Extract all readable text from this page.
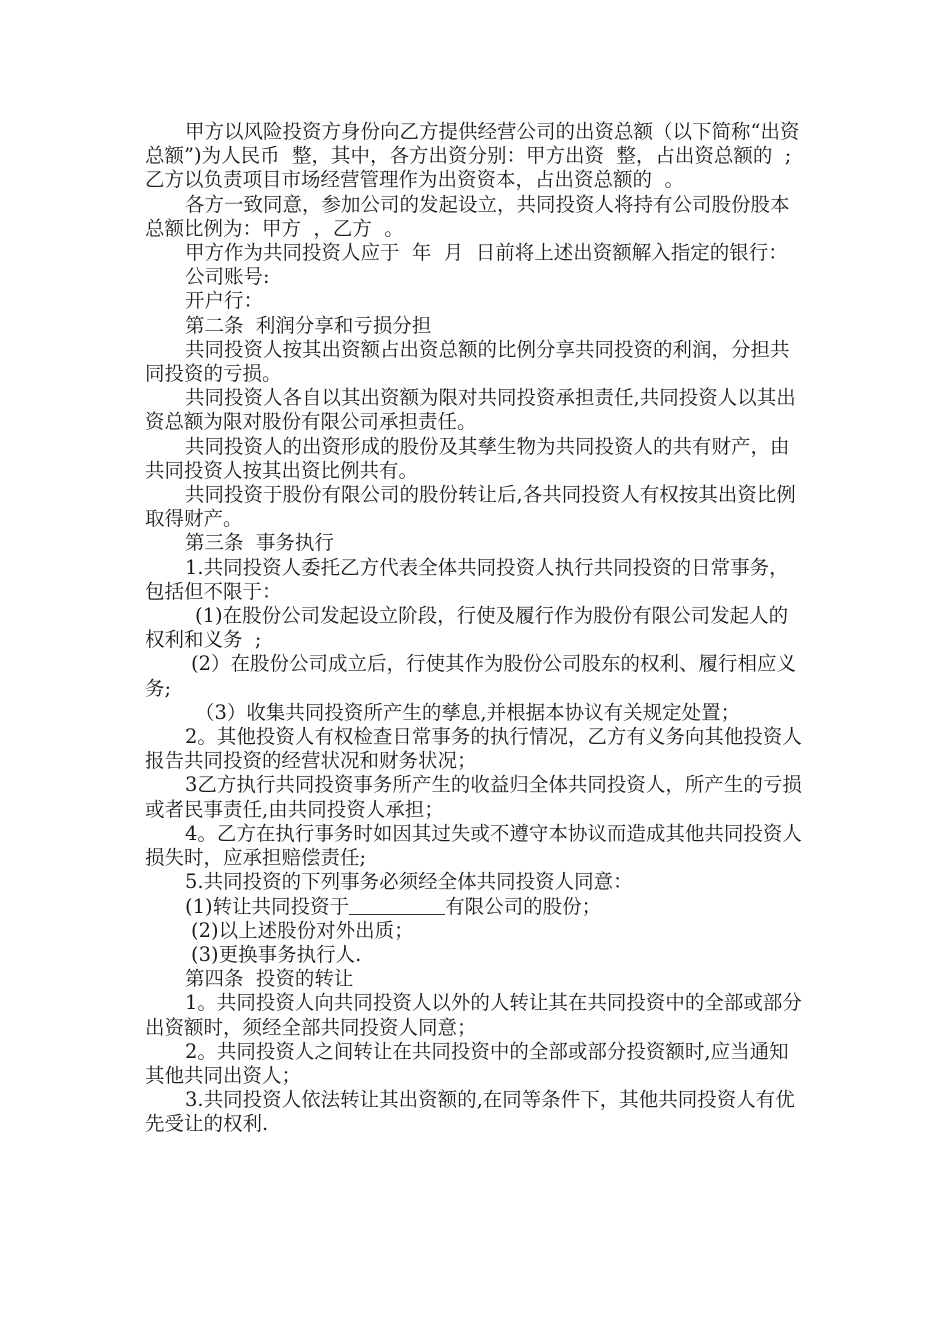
甲方以风险投资方身份向乙方提供经营公司的出资总额（以下简称“出资总额”)为人民币  整，其中，各方出资分别：甲方出资  整，占出资总额的  ;乙方以负责项目市场经营管理作为出资资本，占出资总额的  。

各方一致同意，参加公司的发起设立，共同投资人将持有公司股份股本总额比例为：甲方  ，乙方  。

甲方作为共同投资人应于  年  月  日前将上述出资额解入指定的银行：

公司账号:

开户行：

第二条  利润分享和亏损分担

共同投资人按其出资额占出资总额的比例分享共同投资的利润，分担共同投资的亏损。

共同投资人各自以其出资额为限对共同投资承担责任,共同投资人以其出资总额为限对股份有限公司承担责任。

共同投资人的出资形成的股份及其孳生物为共同投资人的共有财产，由共同投资人按其出资比例共有。

共同投资于股份有限公司的股份转让后,各共同投资人有权按其出资比例取得财产。

第三条  事务执行

1.共同投资人委托乙方代表全体共同投资人执行共同投资的日常事务，包括但不限于：

(1)在股份公司发起设立阶段，行使及履行作为股份有限公司发起人的权利和义务  ;

(2）在股份公司成立后，行使其作为股份公司股东的权利、履行相应义务;

（3）收集共同投资所产生的孳息,并根据本协议有关规定处置；

2。其他投资人有权检查日常事务的执行情况，乙方有义务向其他投资人报告共同投资的经营状况和财务状况；

3乙方执行共同投资事务所产生的收益归全体共同投资人，所产生的亏损或者民事责任,由共同投资人承担；

4。乙方在执行事务时如因其过失或不遵守本协议而造成其他共同投资人损失时，应承担赔偿责任;

5.共同投资的下列事务必须经全体共同投资人同意：

(1)转让共同投资于	有限公司的股份；

(2)以上述股份对外出质；

(3)更换事务执行人.

第四条  投资的转让

1。共同投资人向共同投资人以外的人转让其在共同投资中的全部或部分出资额时，须经全部共同投资人同意；

2。共同投资人之间转让在共同投资中的全部或部分投资额时,应当通知其他共同出资人；

3.共同投资人依法转让其出资额的,在同等条件下，其他共同投资人有优先受让的权利.
